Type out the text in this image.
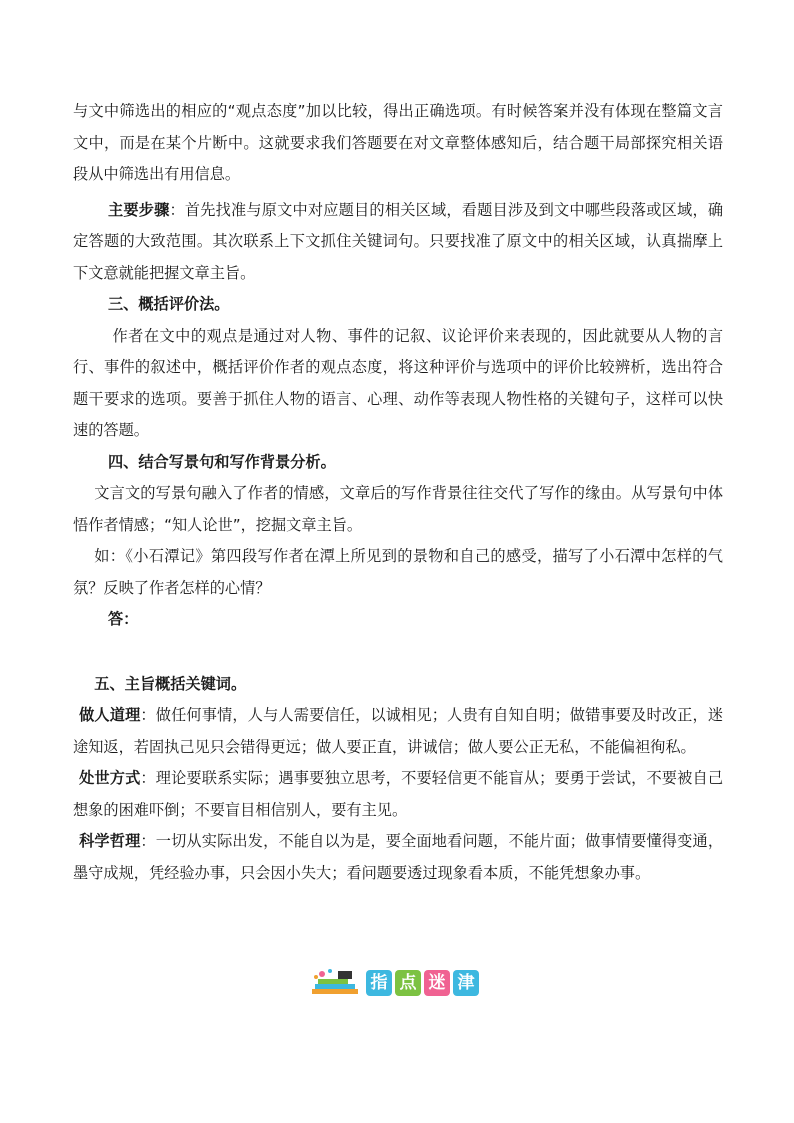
与文中筛选出的相应的“观点态度”加以比较，得出正确选项。有时候答案并没有体现在整篇文言文中，而是在某个片断中。这就要求我们答题要在对文章整体感知后，结合题干局部探究相关语段从中筛选出有用信息。

主要步骤：首先找准与原文中对应题目的相关区域，看题目涉及到文中哪些段落或区域，确定答题的大致范围。其次联系上下文抓住关键词句。只要找准了原文中的相关区域，认真揣摩上下文意就能把握文章主旨。

三、概括评价法。

作者在文中的观点是通过对人物、事件的记叙、议论评价来表现的，因此就要从人物的言行、事件的叙述中，概括评价作者的观点态度，将这种评价与选项中的评价比较辨析，选出符合题干要求的选项。要善于抓住人物的语言、心理、动作等表现人物性格的关键句子，这样可以快速的答题。

四、结合写景句和写作背景分析。

文言文的写景句融入了作者的情感，文章后的写作背景往往交代了写作的缘由。从写景句中体悟作者情感；“知人论世”，挖掘文章主旨。

如：《小石潭记》第四段写作者在潭上所见到的景物和自己的感受，描写了小石潭中怎样的气氛？反映了作者怎样的心情？

答：

五、主旨概括关键词。

做人道理：做任何事情，人与人需要信任，以诚相见；人贵有自知自明；做错事要及时改正，迷途知返，若固执己见只会错得更远；做人要正直，讲诚信；做人要公正无私，不能偏袒徇私。

处世方式：理论要联系实际；遇事要独立思考，不要轻信更不能盲从；要勇于尝试，不要被自己想象的困难吓倒；不要盲目相信别人，要有主见。

科学哲理：一切从实际出发，不能自以为是，要全面地看问题，不能片面；做事情要懂得变通，墨守成规，凭经验办事，只会因小失大；看问题要透过现象看本质，不能凭想象办事。

指 点 迷 津
